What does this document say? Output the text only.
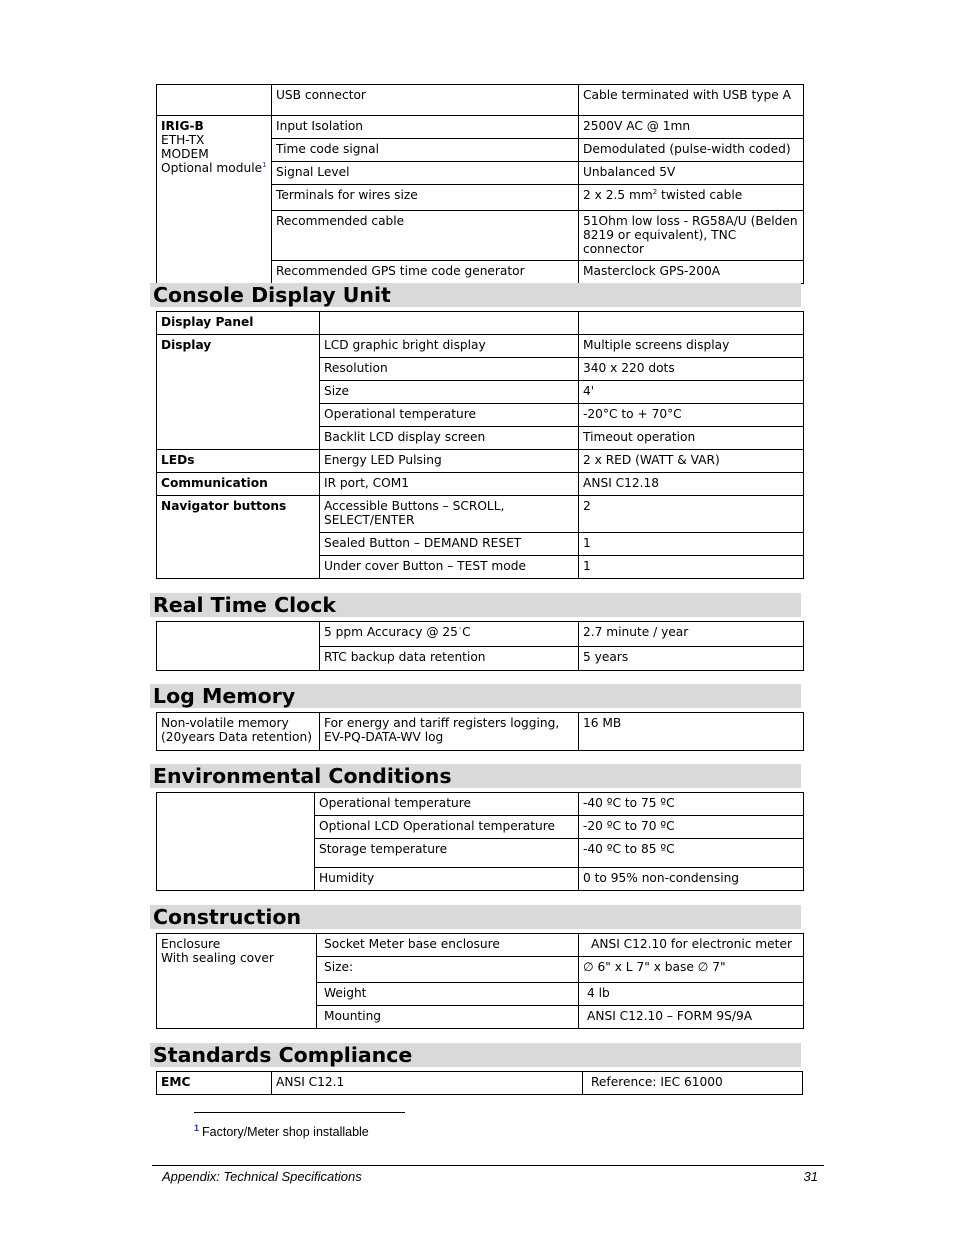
	USB connector	Cable terminated with USB type A

IRIG-B
ETH-TX
MODEM
Optional module$^1$	Input Isolation	2500V AC @ 1mn
	Time code signal	Demodulated (pulse-width coded)
	Signal Level	Unbalanced 5V
	Terminals for wires size	2 x 2.5 $mm^2$ twisted cable
	Recommended cable	51Ohm low loss - RG58A/U (Belden 8219 or equivalent), TNC connector
	Recommended GPS time code generator	Masterclock GPS-200A
Console Display Unit
Display Panel		
Display	LCD graphic bright display	Multiple screens display
	Resolution	340 x 220 dots
	Size	4'
	Operational temperature	-20°C to + 70°C
	Backlit LCD display screen	Timeout operation
LEDs	Energy LED Pulsing	2 x RED (WATT & VAR)
Communication	IR port, COM1	ANSI C12.18
Navigator buttons	Accessible Buttons – SCROLL, SELECT/ENTER	2
	Sealed Button – DEMAND RESET	1
	Under cover Button – TEST mode	1
Real Time Clock
	5 ppm Accuracy @ 25◦C	2.7 minute / year
	RTC backup data retention	5 years
Log Memory
Non-volatile memory (20years Data retention)	For energy and tariff registers logging, EV-PQ-DATA-WV log	16 MB
Environmental Conditions
	Operational temperature	-40 ºC to 75 ºC
	Optional LCD Operational temperature	-20 ºC to 70 ºC
	Storage temperature	-40 ºC to 85 ºC
	Humidity	0 to 95% non-condensing
Construction
Enclosure
With sealing cover	Socket Meter base enclosure	ANSI C12.10 for electronic meter
	Size:	∅ 6" x L 7" x base ∅ 7"
	Weight	4 lb
	Mounting	ANSI C12.10 – FORM 9S/9A
Standards Compliance
EMC	ANSI C12.1	Reference: IEC 61000
$^1$ Factory/Meter shop installable
Appendix: Technical Specifications	31
